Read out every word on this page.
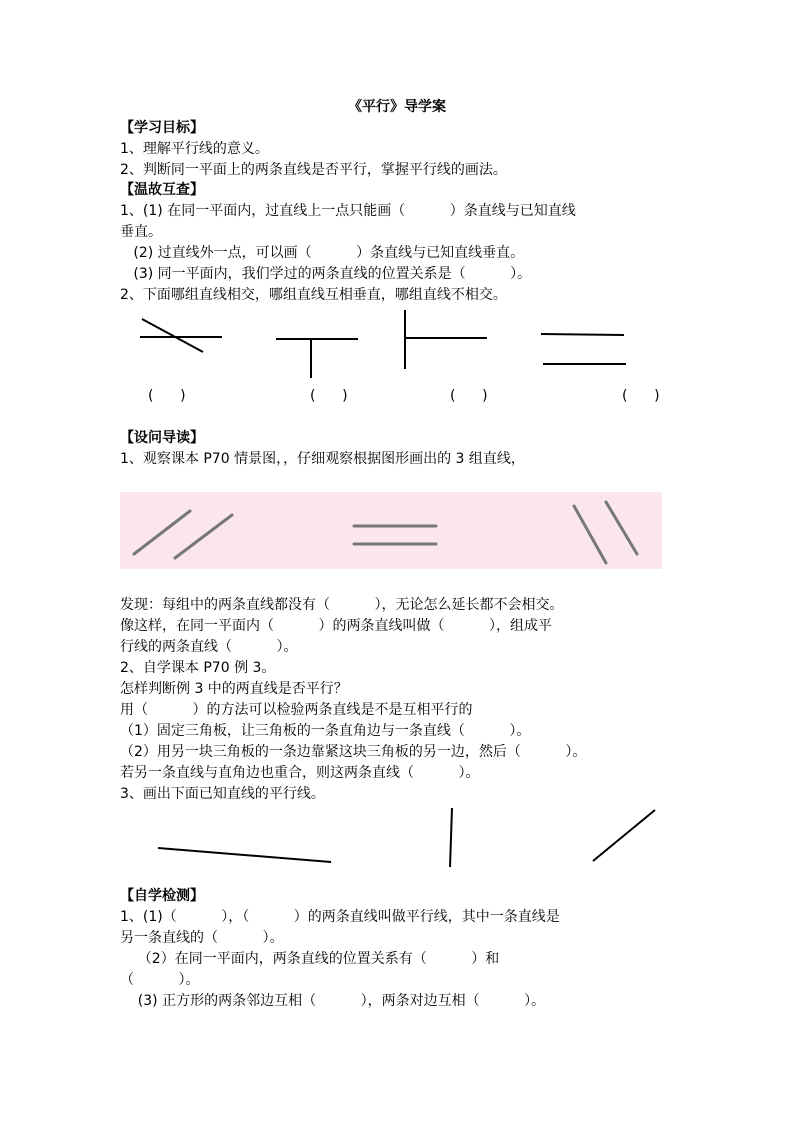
《平行》导学案
【学习目标】
1、理解平行线的意义。
2、判断同一平面上的两条直线是否平行，掌握平行线的画法。
【温故互查】
1、(1) 在同一平面内，过直线上一点只能画（          ）条直线与已知直线
垂直。
(2) 过直线外一点，可以画（          ）条直线与已知直线垂直。
(3) 同一平面内，我们学过的两条直线的位置关系是（          ）。
2、下面哪组直线相交，哪组直线互相垂直，哪组直线不相交。
(      )	(      )	(      )	(      )
【设问导读】
1、观察课本 P70 情景图，，仔细观察根据图形画出的 3 组直线，
发现：每组中的两条直线都没有（          ），无论怎么延长都不会相交。
像这样，在同一平面内（          ）的两条直线叫做（          ），组成平
行线的两条直线（          ）。
2、自学课本 P70 例 3。
怎样判断例 3 中的两直线是否平行？
用（          ）的方法可以检验两条直线是不是互相平行的
（1）固定三角板，让三角板的一条直角边与一条直线（          ）。
（2）用另一块三角板的一条边靠紧这块三角板的另一边，然后（          ）。
若另一条直线与直角边也重合，则这两条直线（          ）。
3、画出下面已知直线的平行线。
【自学检测】
1、(1)（          ），（          ）的两条直线叫做平行线，其中一条直线是
另一条直线的（          ）。
（2）在同一平面内，两条直线的位置关系有（          ）和
（          ）。
(3) 正方形的两条邻边互相（          ），两条对边互相（          ）。
